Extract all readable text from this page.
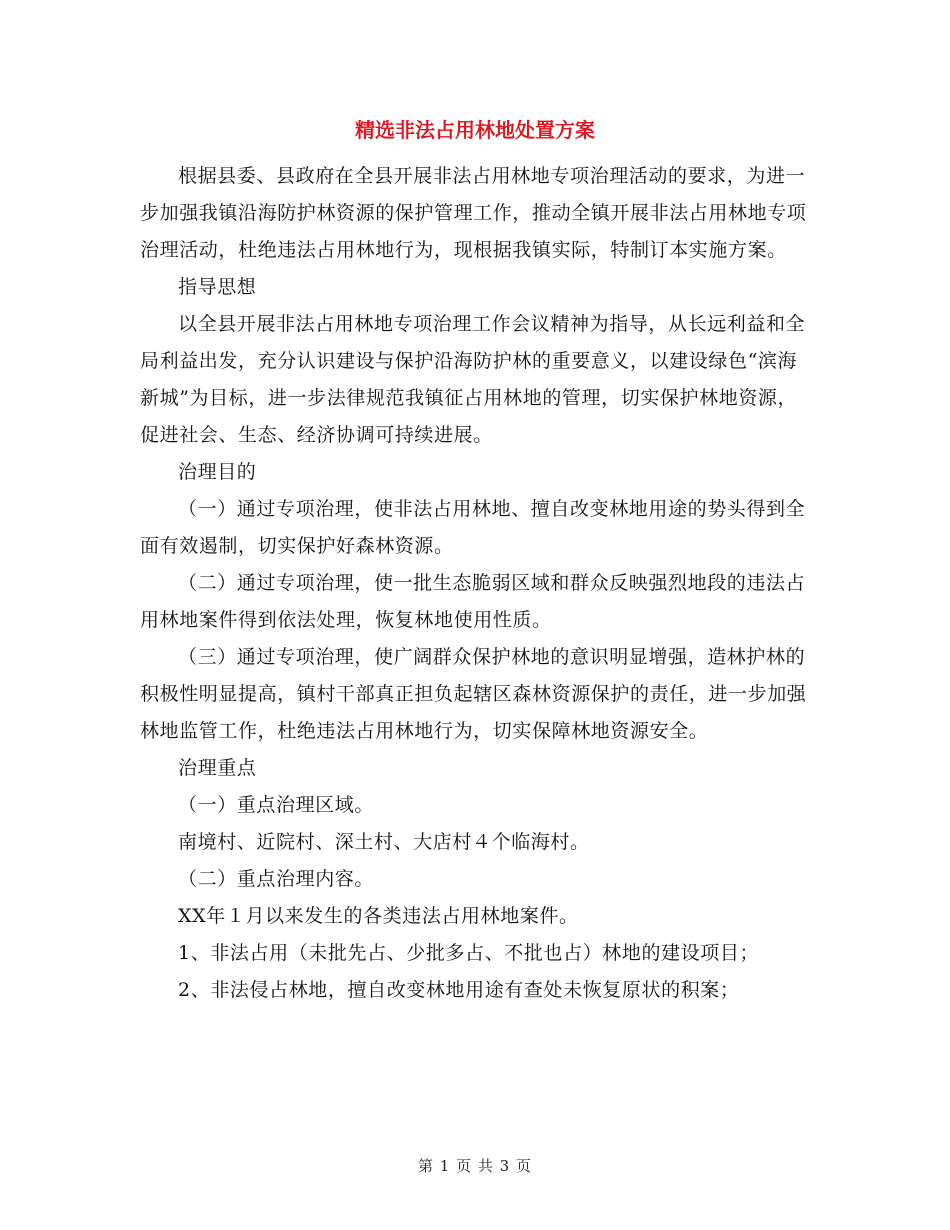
精选非法占用林地处置方案

根据县委、县政府在全县开展非法占用林地专项治理活动的要求，为进一步加强我镇沿海防护林资源的保护管理工作，推动全镇开展非法占用林地专项治理活动，杜绝违法占用林地行为，现根据我镇实际，特制订本实施方案。

指导思想

以全县开展非法占用林地专项治理工作会议精神为指导，从长远利益和全局利益出发，充分认识建设与保护沿海防护林的重要意义，以建设绿色“滨海新城”为目标，进一步法律规范我镇征占用林地的管理，切实保护林地资源，促进社会、生态、经济协调可持续进展。

治理目的

（一）通过专项治理，使非法占用林地、擅自改变林地用途的势头得到全面有效遏制，切实保护好森林资源。

（二）通过专项治理，使一批生态脆弱区域和群众反映强烈地段的违法占用林地案件得到依法处理，恢复林地使用性质。

（三）通过专项治理，使广阔群众保护林地的意识明显增强，造林护林的积极性明显提高，镇村干部真正担负起辖区森林资源保护的责任，进一步加强林地监管工作，杜绝违法占用林地行为，切实保障林地资源安全。

治理重点

（一）重点治理区域。

南境村、近院村、深土村、大店村４个临海村。

（二）重点治理内容。

XX年１月以来发生的各类违法占用林地案件。

1、非法占用（未批先占、少批多占、不批也占）林地的建设项目；

2、非法侵占林地，擅自改变林地用途有查处未恢复原状的积案；

第 1 页 共 3 页
